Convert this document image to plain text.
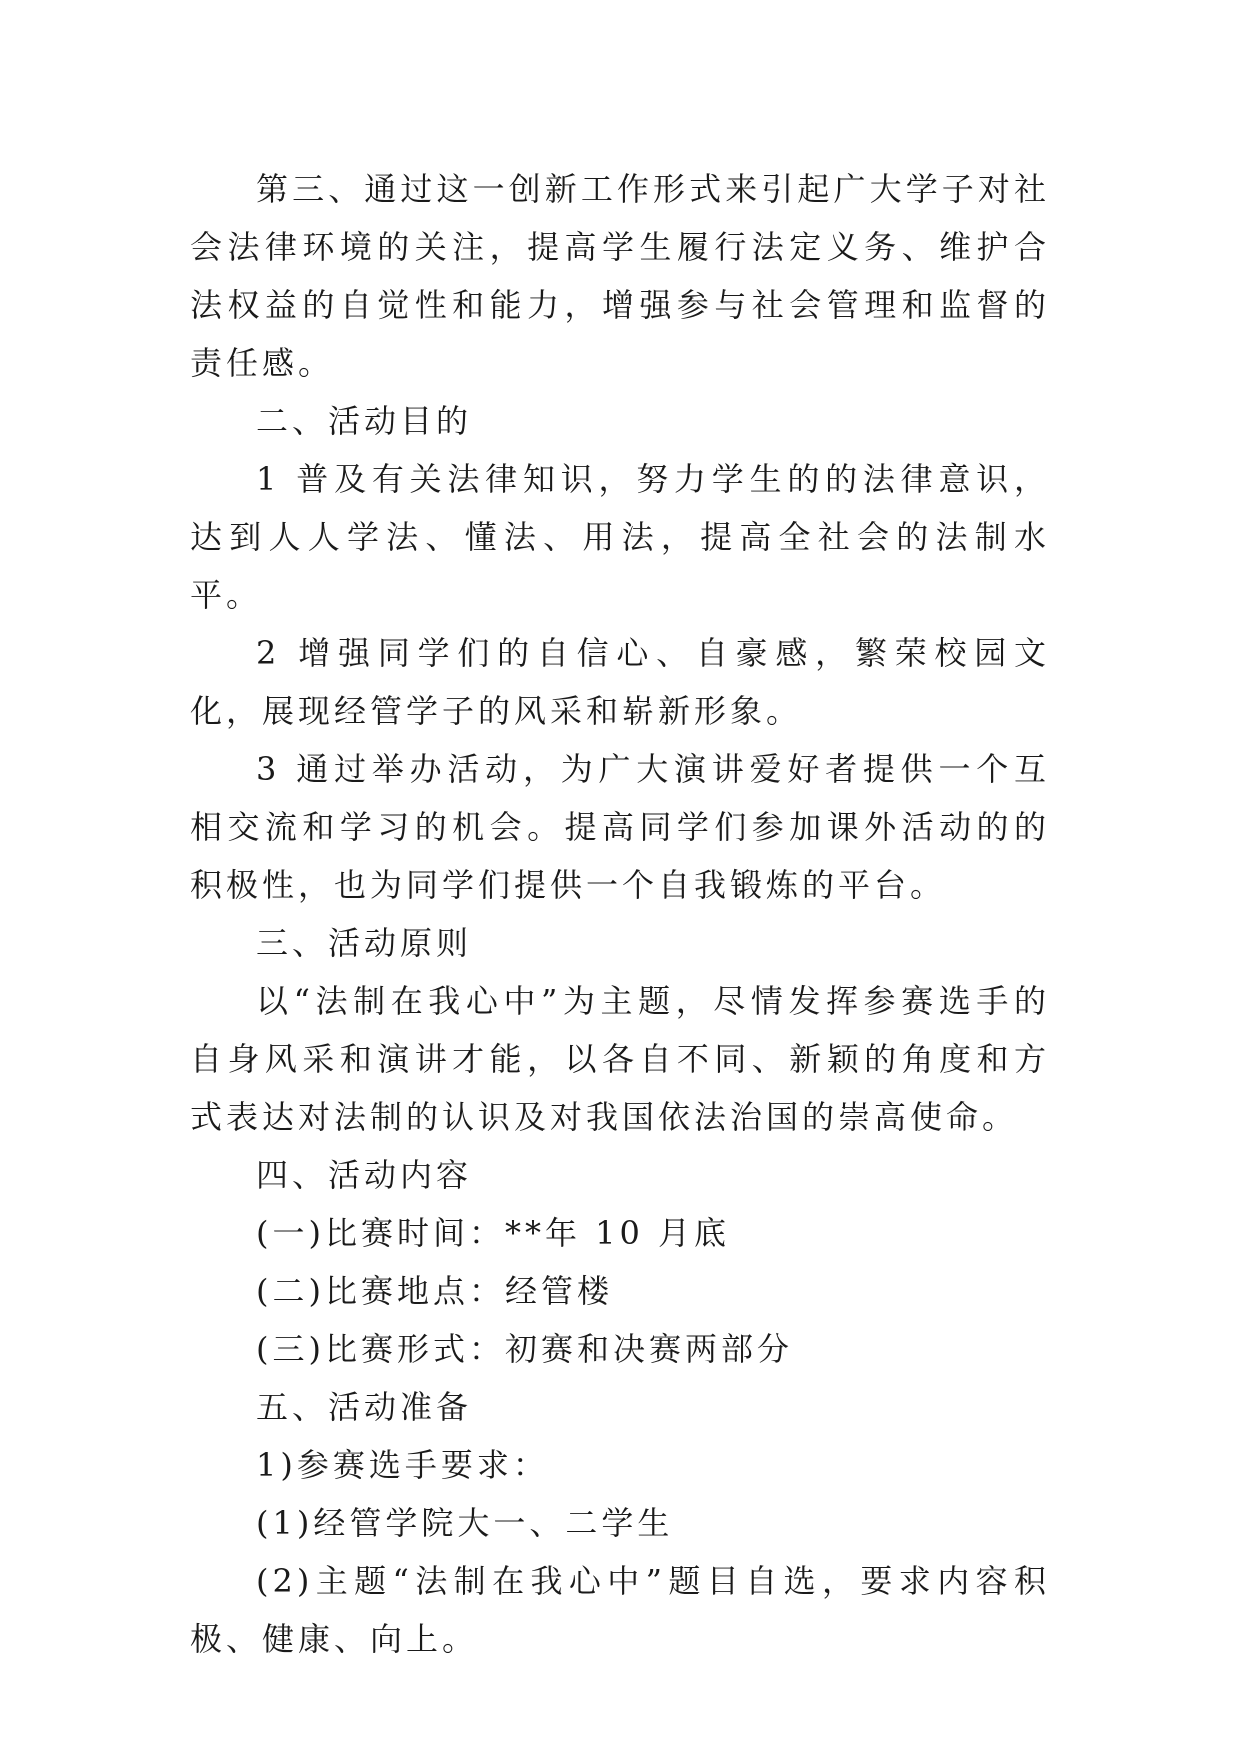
第三、通过这一创新工作形式来引起广大学子对社会法律环境的关注，提高学生履行法定义务、维护合法权益的自觉性和能力，增强参与社会管理和监督的责任感。

二、活动目的

1 普及有关法律知识，努力学生的的法律意识，达到人人学法、懂法、用法，提高全社会的法制水平。

2 增强同学们的自信心、自豪感，繁荣校园文化，展现经管学子的风采和崭新形象。

3 通过举办活动，为广大演讲爱好者提供一个互相交流和学习的机会。提高同学们参加课外活动的的积极性，也为同学们提供一个自我锻炼的平台。

三、活动原则

以“法制在我心中”为主题，尽情发挥参赛选手的自身风采和演讲才能，以各自不同、新颖的角度和方式表达对法制的认识及对我国依法治国的崇高使命。

四、活动内容

(一)比赛时间：**年 10 月底

(二)比赛地点：经管楼

(三)比赛形式：初赛和决赛两部分

五、活动准备

1)参赛选手要求：

(1)经管学院大一、二学生

(2)主题“法制在我心中”题目自选，要求内容积极、健康、向上。
